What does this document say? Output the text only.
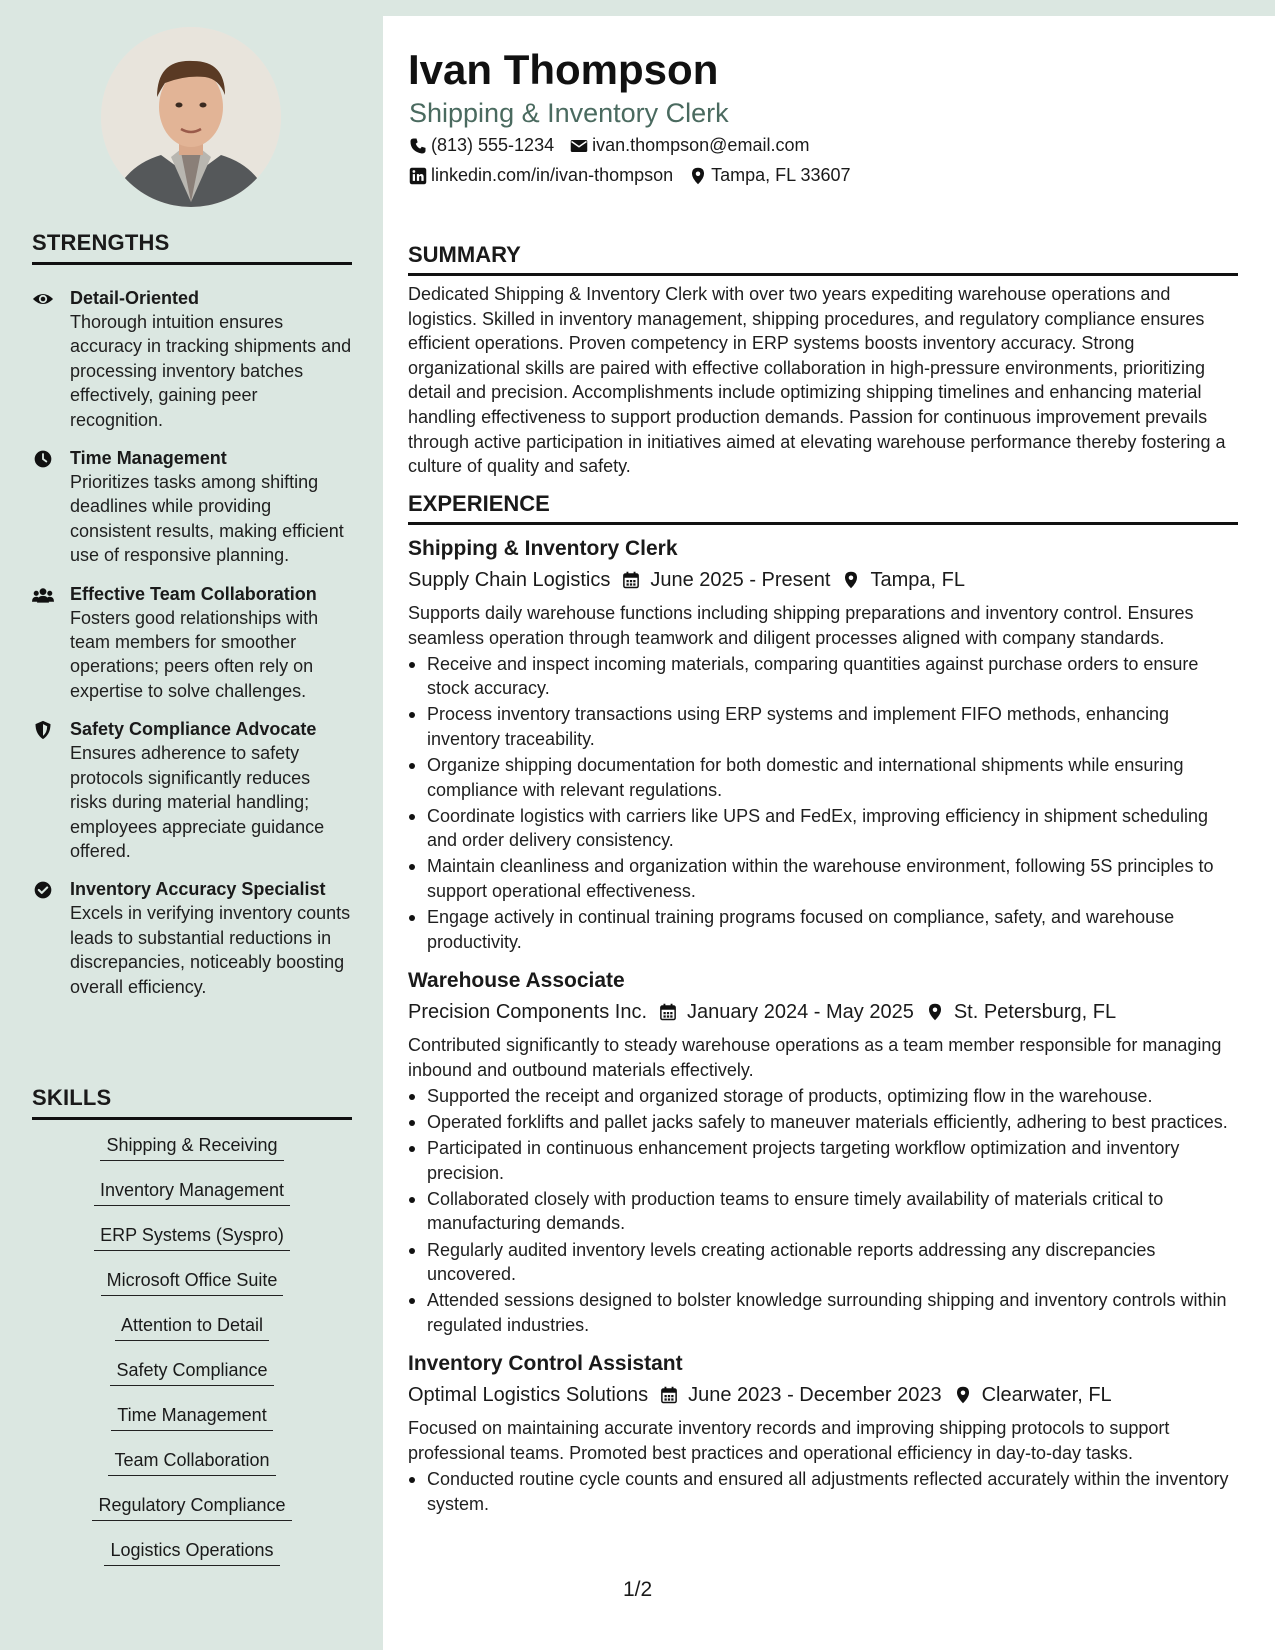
STRENGTHS
Detail-Oriented
Thorough intuition ensures accuracy in tracking shipments and processing inventory batches effectively, gaining peer recognition.
Time Management
Prioritizes tasks among shifting deadlines while providing consistent results, making efficient use of responsive planning.
Effective Team Collaboration
Fosters good relationships with team members for smoother operations; peers often rely on expertise to solve challenges.
Safety Compliance Advocate
Ensures adherence to safety protocols significantly reduces risks during material handling; employees appreciate guidance offered.
Inventory Accuracy Specialist
Excels in verifying inventory counts leads to substantial reductions in discrepancies, noticeably boosting overall efficiency.
SKILLS
Shipping & Receiving
Inventory Management
ERP Systems (Syspro)
Microsoft Office Suite
Attention to Detail
Safety Compliance
Time Management
Team Collaboration
Regulatory Compliance
Logistics Operations
Ivan Thompson
Shipping & Inventory Clerk
(813) 555-1234 ivan.thompson@email.com
linkedin.com/in/ivan-thompson Tampa, FL 33607
SUMMARY
Dedicated Shipping & Inventory Clerk with over two years expediting warehouse operations and logistics. Skilled in inventory management, shipping procedures, and regulatory compliance ensures efficient operations. Proven competency in ERP systems boosts inventory accuracy. Strong organizational skills are paired with effective collaboration in high-pressure environments, prioritizing detail and precision. Accomplishments include optimizing shipping timelines and enhancing material handling effectiveness to support production demands. Passion for continuous improvement prevails through active participation in initiatives aimed at elevating warehouse performance thereby fostering a culture of quality and safety.
EXPERIENCE
Shipping & Inventory Clerk
Supply Chain Logistics June 2025 - Present Tampa, FL
Supports daily warehouse functions including shipping preparations and inventory control. Ensures seamless operation through teamwork and diligent processes aligned with company standards.
Receive and inspect incoming materials, comparing quantities against purchase orders to ensure stock accuracy.
Process inventory transactions using ERP systems and implement FIFO methods, enhancing inventory traceability.
Organize shipping documentation for both domestic and international shipments while ensuring compliance with relevant regulations.
Coordinate logistics with carriers like UPS and FedEx, improving efficiency in shipment scheduling and order delivery consistency.
Maintain cleanliness and organization within the warehouse environment, following 5S principles to support operational effectiveness.
Engage actively in continual training programs focused on compliance, safety, and warehouse productivity.
Warehouse Associate
Precision Components Inc. January 2024 - May 2025 St. Petersburg, FL
Contributed significantly to steady warehouse operations as a team member responsible for managing inbound and outbound materials effectively.
Supported the receipt and organized storage of products, optimizing flow in the warehouse.
Operated forklifts and pallet jacks safely to maneuver materials efficiently, adhering to best practices.
Participated in continuous enhancement projects targeting workflow optimization and inventory precision.
Collaborated closely with production teams to ensure timely availability of materials critical to manufacturing demands.
Regularly audited inventory levels creating actionable reports addressing any discrepancies uncovered.
Attended sessions designed to bolster knowledge surrounding shipping and inventory controls within regulated industries.
Inventory Control Assistant
Optimal Logistics Solutions June 2023 - December 2023 Clearwater, FL
Focused on maintaining accurate inventory records and improving shipping protocols to support professional teams. Promoted best practices and operational efficiency in day-to-day tasks.
Conducted routine cycle counts and ensured all adjustments reflected accurately within the inventory system.
1/2
